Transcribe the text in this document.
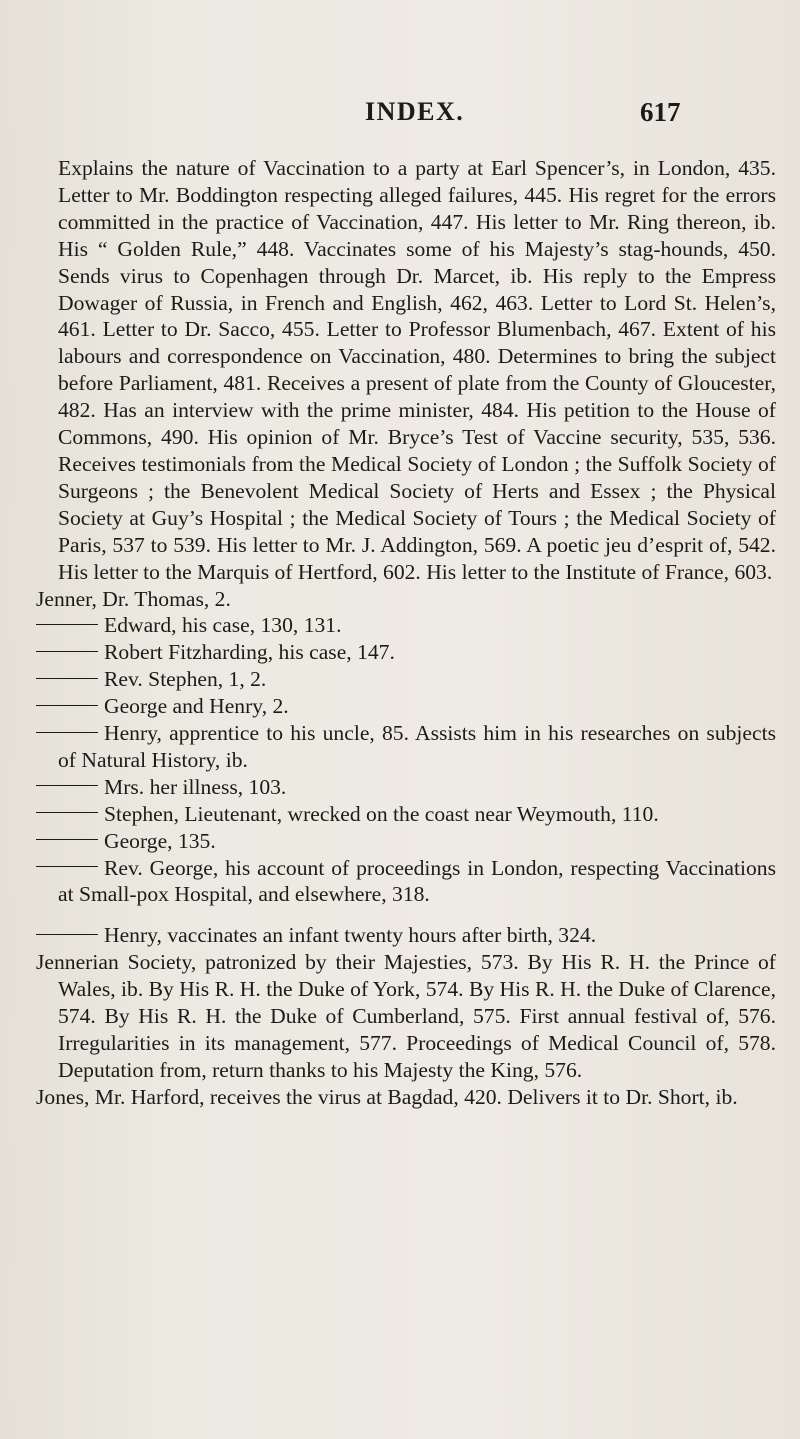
INDEX.	617

Explains the nature of Vaccination to a party at Earl Spencer’s, in London, 435. Letter to Mr. Boddington respecting alleged failures, 445. His regret for the errors committed in the practice of Vaccination, 447. His letter to Mr. Ring thereon, ib. His “ Golden Rule,” 448. Vaccinates some of his Majesty’s stag-hounds, 450. Sends virus to Copenhagen through Dr. Marcet, ib. His reply to the Empress Dowager of Russia, in French and English, 462, 463. Letter to Lord St. Helen’s, 461. Letter to Dr. Sacco, 455. Letter to Professor Blumenbach, 467. Extent of his labours and correspondence on Vaccination, 480. Determines to bring the subject before Parliament, 481. Receives a present of plate from the County of Gloucester, 482. Has an interview with the prime minister, 484. His petition to the House of Commons, 490. His opinion of Mr. Bryce’s Test of Vaccine security, 535, 536. Receives testimonials from the Medical Society of London ; the Suffolk Society of Surgeons ; the Benevolent Medical Society of Herts and Essex ; the Physical Society at Guy’s Hospital ; the Medical Society of Tours ; the Medical Society of Paris, 537 to 539. His letter to Mr. J. Addington, 569. A poetic jeu d’esprit of, 542. His letter to the Marquis of Hertford, 602. His letter to the Institute of France, 603.

Jenner, Dr. Thomas, 2.

Edward, his case, 130, 131.

Robert Fitzharding, his case, 147.

Rev. Stephen, 1, 2.

George and Henry, 2.

Henry, apprentice to his uncle, 85. Assists him in his researches on subjects of Natural History, ib.

Mrs. her illness, 103.

Stephen, Lieutenant, wrecked on the coast near Weymouth, 110.

George, 135.

Rev. George, his account of proceedings in London, respecting Vaccinations at Small-pox Hospital, and elsewhere, 318.

Henry, vaccinates an infant twenty hours after birth, 324.

Jennerian Society, patronized by their Majesties, 573. By His R. H. the Prince of Wales, ib. By His R. H. the Duke of York, 574. By His R. H. the Duke of Clarence, 574. By His R. H. the Duke of Cumberland, 575. First annual festival of, 576. Irregularities in its management, 577. Proceedings of Medical Council of, 578. Deputation from, return thanks to his Majesty the King, 576.

Jones, Mr. Harford, receives the virus at Bagdad, 420. Delivers it to Dr. Short, ib.
